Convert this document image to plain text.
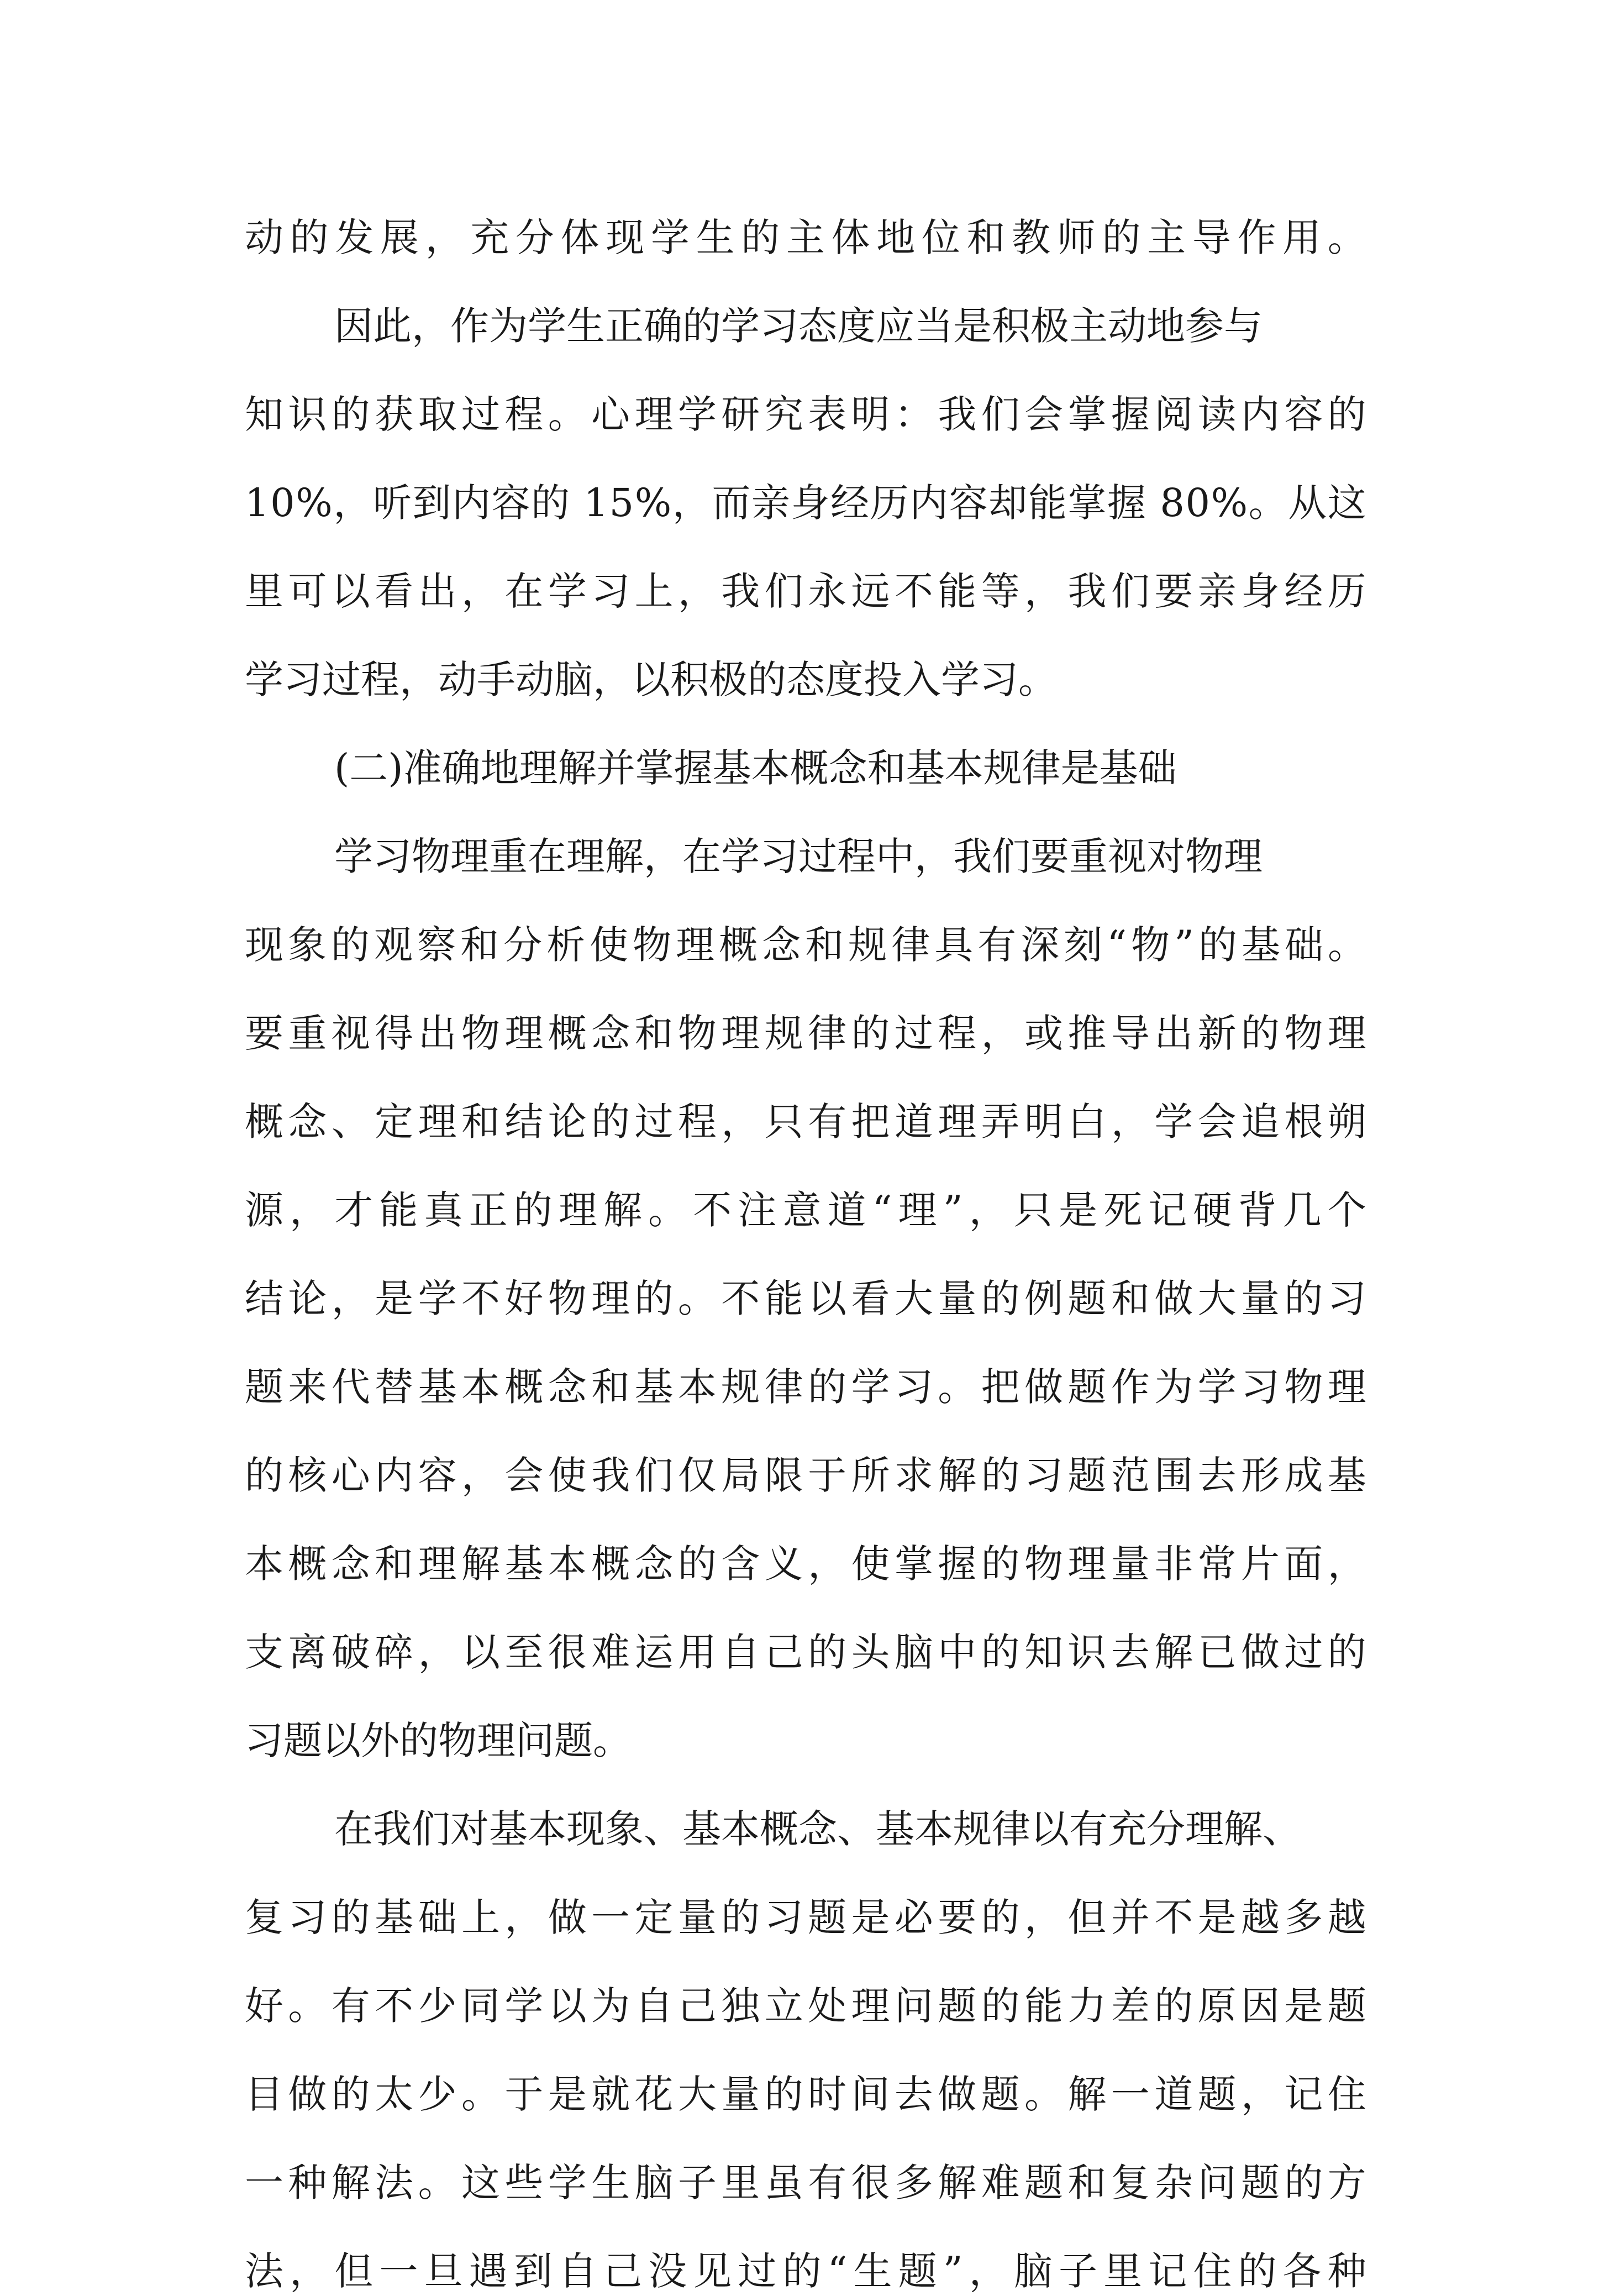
动 的 发 展 ， 充 分 体 现 学 生 的 主 体 地 位 和 教 师 的 主 导 作 用 。
因此，作为学生正确的学习态度应当是积极主动地参与
知 识 的 获 取 过 程 。 心 理 学 研 究 表 明 ： 我 们 会 掌 握 阅 读 内 容 的
1 0 % ， 听 到 内 容 的
1 5 % ， 而 亲 身 经 历 内 容 却 能 掌 握
8 0 % 。 从 这
里 可 以 看 出 ， 在 学 习 上 ， 我 们 永 远 不 能 等 ， 我 们 要 亲 身 经 历
学习过程，动手动脑，以积极的态度投入学习。
(二)准确地理解并掌握基本概念和基本规律是基础
学习物理重在理解，在学习过程中，我们要重视对物理
现 象 的 观 察 和 分 析 使 物 理 概 念 和 规 律 具 有 深 刻 “ 物 ” 的 基 础 。
要 重 视 得 出 物 理 概 念 和 物 理 规 律 的 过 程 ， 或 推 导 出 新 的 物 理
概 念 、 定 理 和 结 论 的 过 程 ， 只 有 把 道 理 弄 明 白 ， 学 会 追 根 朔
源 ， 才 能 真 正 的 理 解 。 不 注 意 道 “ 理 ” ， 只 是 死 记 硬 背 几 个
结 论 ， 是 学 不 好 物 理 的 。 不 能 以 看 大 量 的 例 题 和 做 大 量 的 习
题 来 代 替 基 本 概 念 和 基 本 规 律 的 学 习 。 把 做 题 作 为 学 习 物 理
的 核 心 内 容 ， 会 使 我 们 仅 局 限 于 所 求 解 的 习 题 范 围 去 形 成 基
本 概 念 和 理 解 基 本 概 念 的 含 义 ， 使 掌 握 的 物 理 量 非 常 片 面 ，
支 离 破 碎 ， 以 至 很 难 运 用 自 己 的 头 脑 中 的 知 识 去 解 已 做 过 的
习题以外的物理问题。
在我们对基本现象、基本概念、基本规律以有充分理解、
复 习 的 基 础 上 ， 做 一 定 量 的 习 题 是 必 要 的 ， 但 并 不 是 越 多 越
好 。 有 不 少 同 学 以 为 自 己 独 立 处 理 问 题 的 能 力 差 的 原 因 是 题
目 做 的 太 少 。 于 是 就 花 大 量 的 时 间 去 做 题 。 解 一 道 题 ， 记 住
一 种 解 法 。 这 些 学 生 脑 子 里 虽 有 很 多 解 难 题 和 复 杂 问 题 的 方
法 ， 但 一 旦 遇 到 自 己 没 见 过 的 “ 生 题 ” ， 脑 子 里 记 住 的 各 种
